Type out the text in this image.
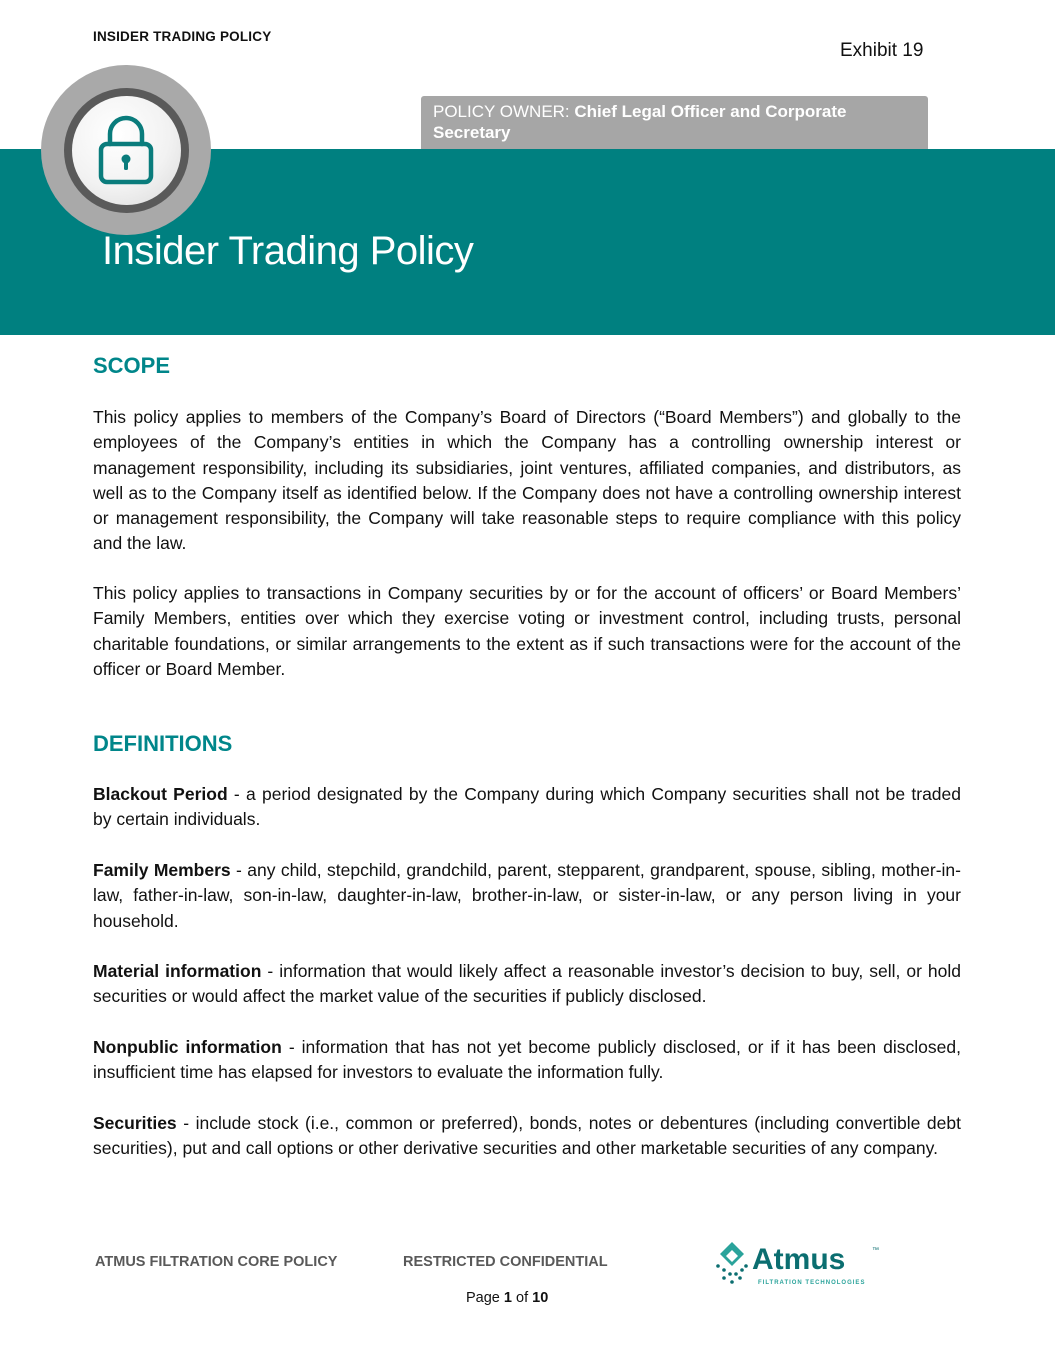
INSIDER TRADING POLICY
Exhibit 19
POLICY OWNER: Chief Legal Officer and Corporate Secretary
Insider Trading Policy
SCOPE

This policy applies to members of the Company’s Board of Directors (“Board Members”) and globally to the employees of the Company’s entities in which the Company has a controlling ownership interest or management responsibility, including its subsidiaries, joint ventures, affiliated companies, and distributors, as well as to the Company itself as identified below. If the Company does not have a controlling ownership interest or management responsibility, the Company will take reasonable steps to require compliance with this policy and the law.

This policy applies to transactions in Company securities by or for the account of officers’ or Board Members’ Family Members, entities over which they exercise voting or investment control, including trusts, personal charitable foundations, or similar arrangements to the extent as if such transactions were for the account of the officer or Board Member.

DEFINITIONS

Blackout Period - a period designated by the Company during which Company securities shall not be traded by certain individuals.

Family Members - any child, stepchild, grandchild, parent, stepparent, grandparent, spouse, sibling, mother-in-law, father-in-law, son-in-law, daughter-in-law, brother-in-law, or sister-in-law, or any person living in your household.

Material information - information that would likely affect a reasonable investor’s decision to buy, sell, or hold securities or would affect the market value of the securities if publicly disclosed.

Nonpublic information - information that has not yet become publicly disclosed, or if it has been disclosed, insufficient time has elapsed for investors to evaluate the information fully.

Securities - include stock (i.e., common or preferred), bonds, notes or debentures (including convertible debt securities), put and call options or other derivative securities and other marketable securities of any company.

ATMUS FILTRATION CORE POLICY	RESTRICTED CONFIDENTIAL	Atmus	™
FILTRATION TECHNOLOGIES
Page 1 of 10
